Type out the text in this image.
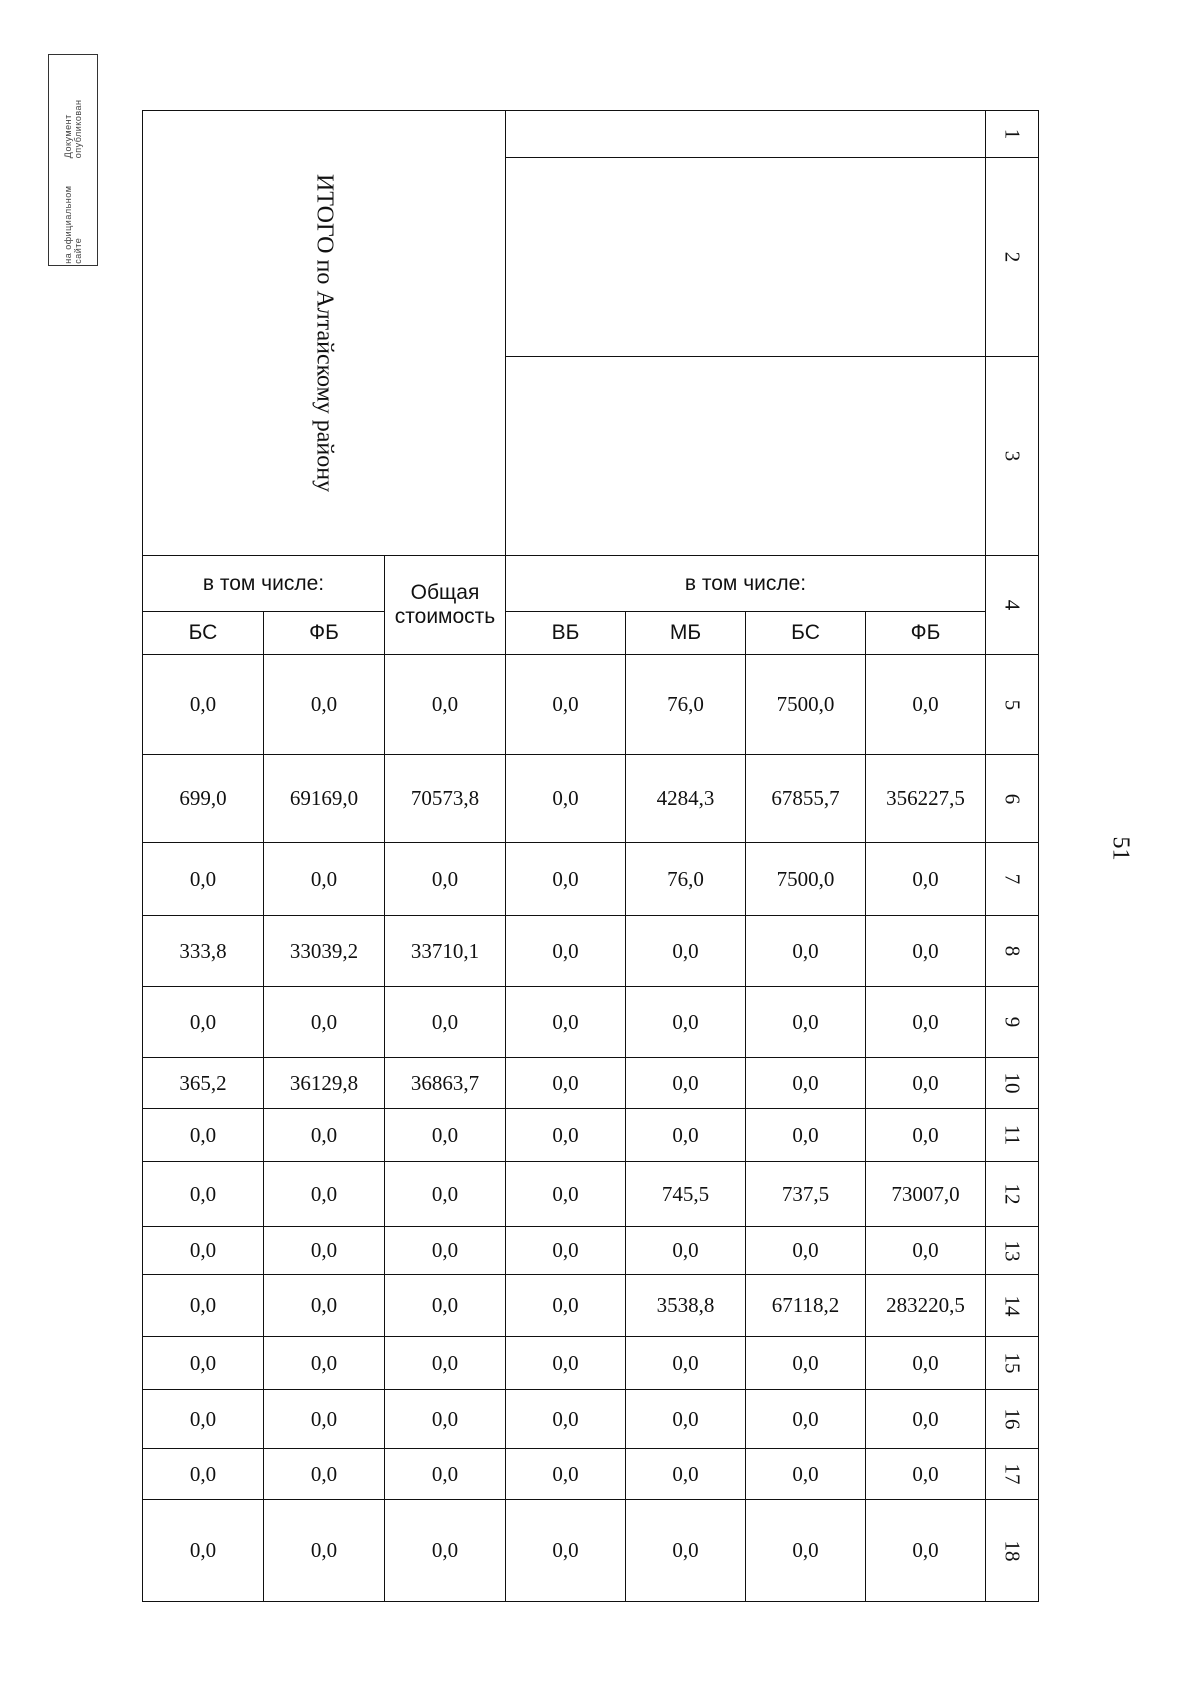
Документ опубликован
на официальном сайте
51
ИТОГО по Алтайскому району							1

							2

							3

в том числе:		Общая стоимость	в том числе:				4

БС	ФБ		ВБ	МБ	БС	ФБ	
0,0	0,0	0,0	0,0	76,0	7500,0	0,0	5

699,0	69169,0	70573,8	0,0	4284,3	67855,7	356227,5	6

0,0	0,0	0,0	0,0	76,0	7500,0	0,0	7

333,8	33039,2	33710,1	0,0	0,0	0,0	0,0	8

0,0	0,0	0,0	0,0	0,0	0,0	0,0	9

365,2	36129,8	36863,7	0,0	0,0	0,0	0,0	10

0,0	0,0	0,0	0,0	0,0	0,0	0,0	11

0,0	0,0	0,0	0,0	745,5	737,5	73007,0	12

0,0	0,0	0,0	0,0	0,0	0,0	0,0	13

0,0	0,0	0,0	0,0	3538,8	67118,2	283220,5	14

0,0	0,0	0,0	0,0	0,0	0,0	0,0	15

0,0	0,0	0,0	0,0	0,0	0,0	0,0	16

0,0	0,0	0,0	0,0	0,0	0,0	0,0	17

0,0	0,0	0,0	0,0	0,0	0,0	0,0	18
